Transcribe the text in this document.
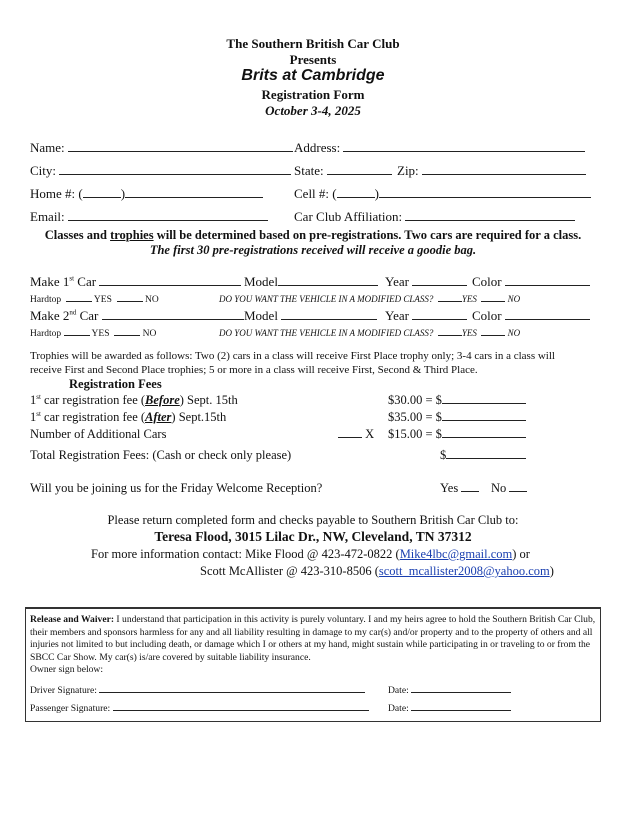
The Southern British Car Club
Presents
Brits at Cambridge
Registration Form
October 3-4, 2025
Name:	Address:
City:	State:	Zip:
Home #: (	)	Cell #: (	)
Email:	Car Club Affiliation:
Classes and trophies will be determined based on pre-registrations. Two cars are required for a class.
The first 30 pre-registrations received will receive a goodie bag.
Make 1st Car	Model	Year	Color
Hardtop	YES	NO	DO YOU WANT THE VEHICLE IN A MODIFIED CLASS?	YES	NO
Make 2nd Car	Model	Year	Color
Hardtop	YES	NO	DO YOU WANT THE VEHICLE IN A MODIFIED CLASS?	YES	NO
Trophies will be awarded as follows: Two (2) cars in a class will receive First Place trophy only; 3-4 cars in a class will
receive First and Second Place trophies; 5 or more in a class will receive First, Second & Third Place.
Registration Fees
1st car registration fee (Before) Sept. 15th	$30.00 = $
1st car registration fee (After) Sept.15th	$35.00 = $
Number of Additional Cars	X $15.00 = $
Total Registration Fees: (Cash or check only please)	$
Will you be joining us for the Friday Welcome Reception?	Yes	No
Please return completed form and checks payable to Southern British Car Club to:
Teresa Flood, 3015 Lilac Dr., NW, Cleveland, TN 37312
For more information contact: Mike Flood @ 423-472-0822 (Mike4lbc@gmail.com) or
Scott McAllister @ 423-310-8506 (scott_mcallister2008@yahoo.com)
Release and Waiver: I understand that participation in this activity is purely voluntary. I and my heirs agree to hold the Southern British Car Club, their members and sponsors harmless for any and all liability resulting in damage to my car(s) and/or property and to the property of others and all injuries not limited to but including death, or damage which I or others at my hand, might sustain while participating in or traveling to or from the SBCC Car Show. My car(s) is/are covered by suitable liability insurance.
Owner sign below:
Driver Signature:	Date:
Passenger Signature:	Date:
